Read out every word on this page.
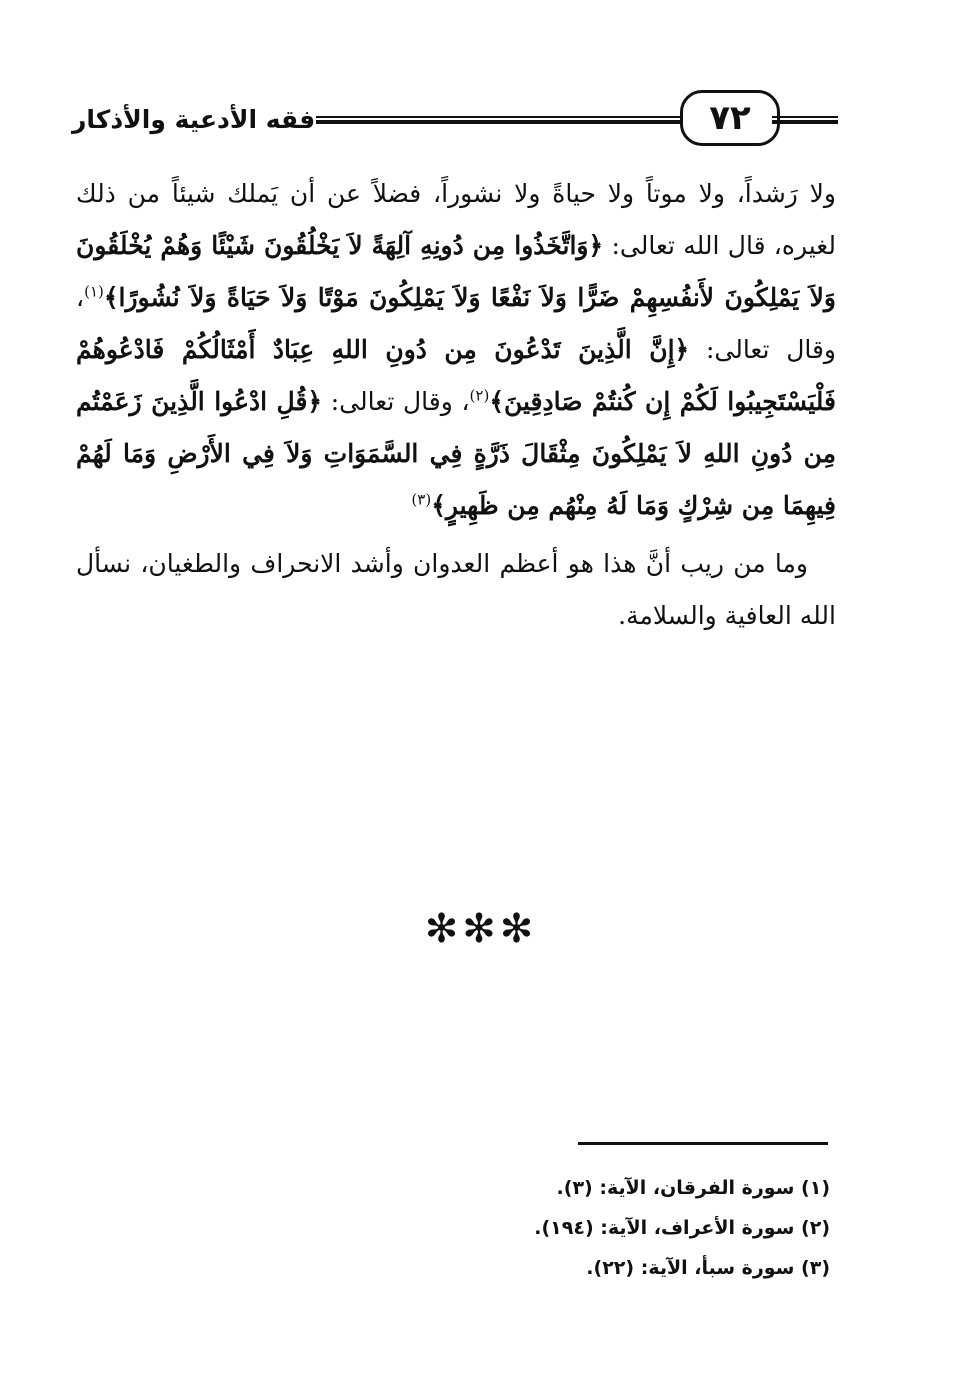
فقه الأدعية والأذكار	٧٢

ولا رَشداً، ولا موتاً ولا حياةً ولا نشوراً، فضلاً عن أن يَملك شيئاً من ذلك لغيره، قال الله تعالى: ﴿وَاتَّخَذُوا مِن دُونِهِ آلِهَةً لاَ يَخْلُقُونَ شَيْئًا وَهُمْ يُخْلَقُونَ وَلاَ يَمْلِكُونَ لأَنفُسِهِمْ ضَرًّا وَلاَ نَفْعًا وَلاَ يَمْلِكُونَ مَوْتًا وَلاَ حَيَاةً وَلاَ نُشُورًا﴾$^{(١)}$، وقال تعالى: ﴿إِنَّ الَّذِينَ تَدْعُونَ مِن دُونِ اللهِ عِبَادٌ أَمْثَالُكُمْ فَادْعُوهُمْ فَلْيَسْتَجِيبُوا لَكُمْ إِن كُنتُمْ صَادِقِينَ﴾$^{(٢)}$، وقال تعالى: ﴿قُلِ ادْعُوا الَّذِينَ زَعَمْتُم مِن دُونِ اللهِ لاَ يَمْلِكُونَ مِثْقَالَ ذَرَّةٍ فِي السَّمَوَاتِ وَلاَ فِي الأَرْضِ وَمَا لَهُمْ فِيهِمَا مِن شِرْكٍ وَمَا لَهُ مِنْهُم مِن ظَهِيرٍ﴾$^{(٣)}$

وما من ريب أنَّ هذا هو أعظم العدوان وأشد الانحراف والطغيان، نسأل الله العافية والسلامة.

✻✻✻
(١) سورة الفرقان، الآية: (٣).
(٢) سورة الأعراف، الآية: (١٩٤).
(٣) سورة سبأ، الآية: (٢٢).
